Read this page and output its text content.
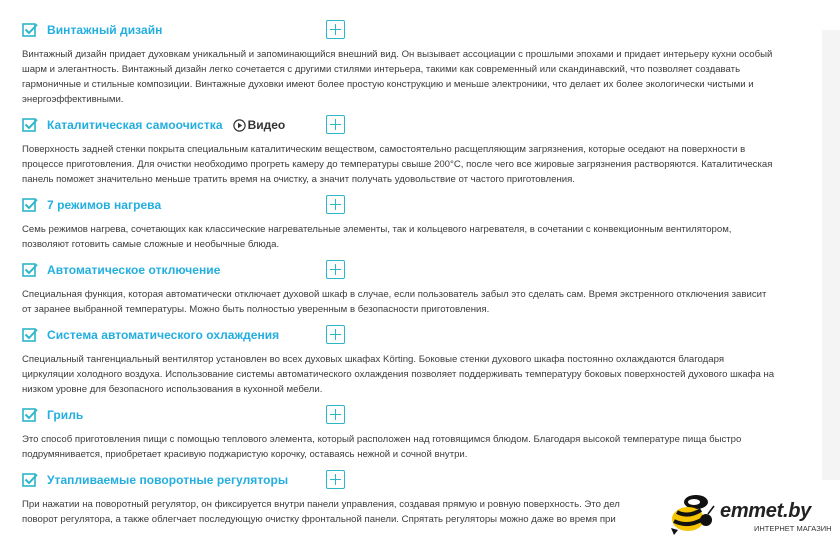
Винтажный дизайн
Винтажный дизайн придает духовкам уникальный и запоминающийся внешний вид. Он вызывает ассоциации с прошлыми эпохами и придает интерьеру кухни особый
шарм и элегантность. Винтажный дизайн легко сочетается с другими стилями интерьера, такими как современный или скандинавский, что позволяет создавать
гармоничные и стильные композиции. Винтажные духовки имеют более простую конструкцию и меньше электроники, что делает их более экологически чистыми и
энергоэффективными.
Каталитическая самоочистка Видео
Поверхность задней стенки покрыта специальным каталитическим веществом, самостоятельно расщепляющим загрязнения, которые оседают на поверхности в
процессе приготовления. Для очистки необходимо прогреть камеру до температуры свыше 200°С, после чего все жировые загрязнения растворяются. Каталитическая
панель поможет значительно меньше тратить время на очистку, а значит получать удовольствие от частого приготовления.
7 режимов нагрева
Семь режимов нагрева, сочетающих как классические нагревательные элементы, так и кольцевого нагревателя, в сочетании с конвекционным вентилятором,
позволяют готовить самые сложные и необычные блюда.
Автоматическое отключение
Специальная функция, которая автоматически отключает духовой шкаф в случае, если пользователь забыл это сделать сам. Время экстренного отключения зависит
от заранее выбранной температуры. Можно быть полностью уверенным в безопасности приготовления.
Система автоматического охлаждения
Специальный тангенциальный вентилятор установлен во всех духовых шкафах Körting. Боковые стенки духового шкафа постоянно охлаждаются благодаря
циркуляции холодного воздуха. Использование системы автоматического охлаждения позволяет поддерживать температуру боковых поверхностей духового шкафа на
низком уровне для безопасного использования в кухонной мебели.
Гриль
Это способ приготовления пищи с помощью теплового элемента, который расположен над готовящимся блюдом. Благодаря высокой температуре пища быстро
подрумянивается, приобретает красивую поджаристую корочку, оставаясь нежной и сочной внутри.
Утапливаемые поворотные регуляторы
При нажатии на поворотный регулятор, он фиксируется внутри панели управления, создавая прямую и ровную поверхность. Это дел
поворот регулятора, а также облегчает последующую очистку фронтальной панели. Спрятать регуляторы можно даже во время при	emmet.by
ИНТЕРНЕТ МАГАЗИН
